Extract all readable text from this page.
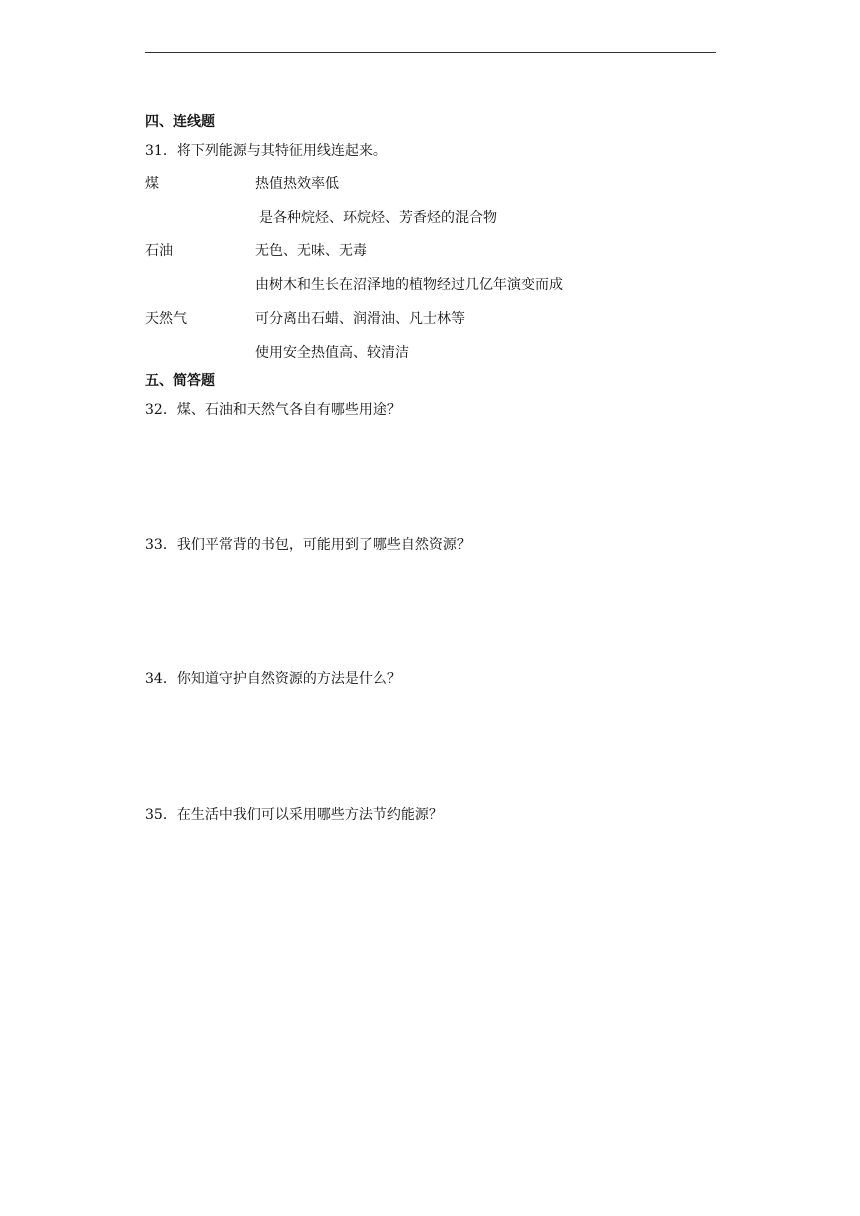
四、连线题
31．将下列能源与其特征用线连起来。
煤	热值热效率低
是各种烷烃、环烷烃、芳香烃的混合物
石油	无色、无味、无毒
由树木和生长在沼泽地的植物经过几亿年演变而成
天然气	可分离出石蜡、润滑油、凡士林等
使用安全热值高、较清洁
五、简答题
32．煤、石油和天然气各自有哪些用途？
33．我们平常背的书包，可能用到了哪些自然资源？
34．你知道守护自然资源的方法是什么？
35．在生活中我们可以采用哪些方法节约能源？
